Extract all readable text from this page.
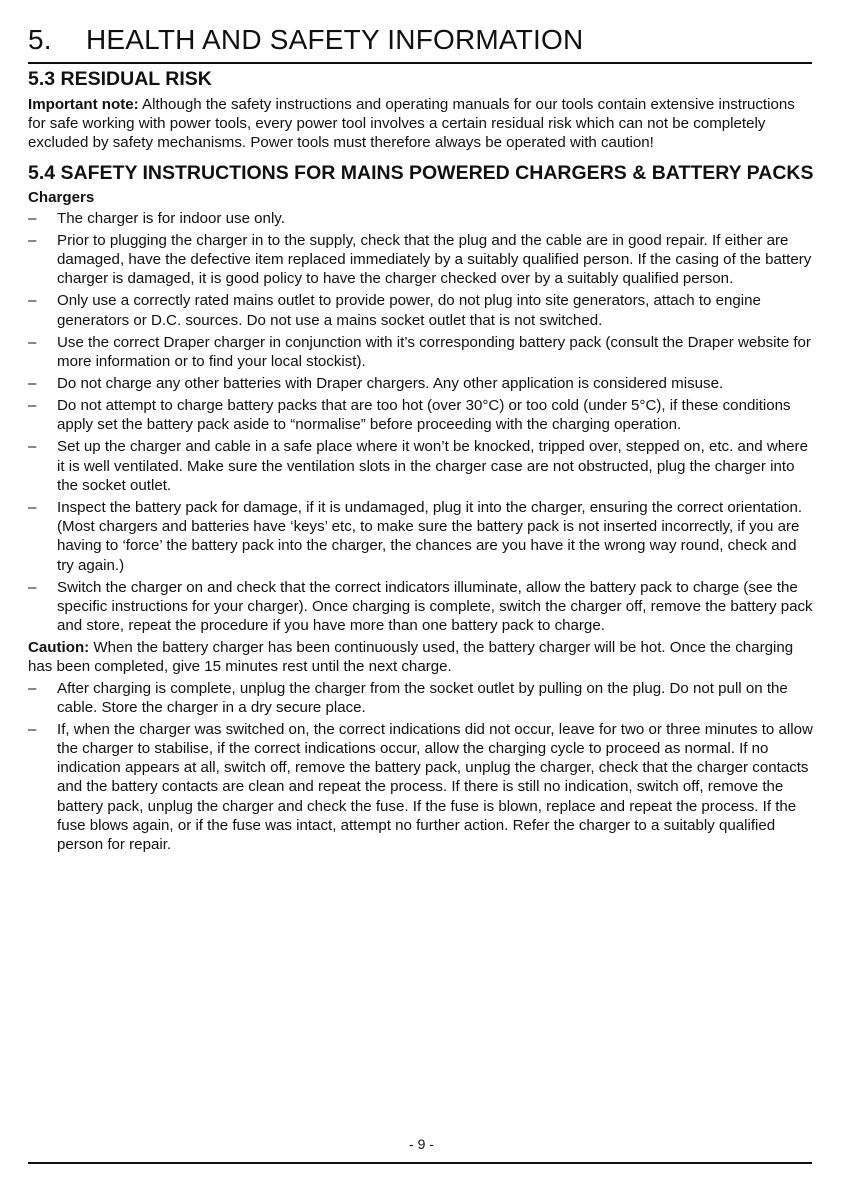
5. HEALTH AND SAFETY INFORMATION
5.3 RESIDUAL RISK

Important note: Although the safety instructions and operating manuals for our tools contain extensive instructions for safe working with power tools, every power tool involves a certain residual risk which can not be completely excluded by safety mechanisms. Power tools must therefore always be operated with caution!

5.4 SAFETY INSTRUCTIONS FOR MAINS POWERED CHARGERS & BATTERY PACKS

Chargers

– The charger is for indoor use only.
– Prior to plugging the charger in to the supply, check that the plug and the cable are in good repair. If either are damaged, have the defective item replaced immediately by a suitably qualified person. If the casing of the battery charger is damaged, it is good policy to have the charger checked over by a suitably qualified person.
– Only use a correctly rated mains outlet to provide power, do not plug into site generators, attach to engine generators or D.C. sources. Do not use a mains socket outlet that is not switched.
– Use the correct Draper charger in conjunction with it’s corresponding battery pack (consult the Draper website for more information or to find your local stockist).
– Do not charge any other batteries with Draper chargers. Any other application is considered misuse.
– Do not attempt to charge battery packs that are too hot (over 30°C) or too cold (under 5°C), if these conditions apply set the battery pack aside to “normalise” before proceeding with the charging operation.
– Set up the charger and cable in a safe place where it won’t be knocked, tripped over, stepped on, etc. and where it is well ventilated. Make sure the ventilation slots in the charger case are not obstructed, plug the charger into the socket outlet.
– Inspect the battery pack for damage, if it is undamaged, plug it into the charger, ensuring the correct orientation. (Most chargers and batteries have ‘keys’ etc, to make sure the battery pack is not inserted incorrectly, if you are having to ‘force’ the battery pack into the charger, the chances are you have it the wrong way round, check and try again.)
– Switch the charger on and check that the correct indicators illuminate, allow the battery pack to charge (see the specific instructions for your charger). Once charging is complete, switch the charger off, remove the battery pack and store, repeat the procedure if you have more than one battery pack to charge.

Caution: When the battery charger has been continuously used, the battery charger will be hot. Once the charging has been completed, give 15 minutes rest until the next charge.

– After charging is complete, unplug the charger from the socket outlet by pulling on the plug. Do not pull on the cable. Store the charger in a dry secure place.
– If, when the charger was switched on, the correct indications did not occur, leave for two or three minutes to allow the charger to stabilise, if the correct indications occur, allow the charging cycle to proceed as normal. If no indication appears at all, switch off, remove the battery pack, unplug the charger, check that the charger contacts and the battery contacts are clean and repeat the process. If there is still no indication, switch off, remove the battery pack, unplug the charger and check the fuse. If the fuse is blown, replace and repeat the process. If the fuse blows again, or if the fuse was intact, attempt no further action. Refer the charger to a suitably qualified person for repair.
- 9 -
